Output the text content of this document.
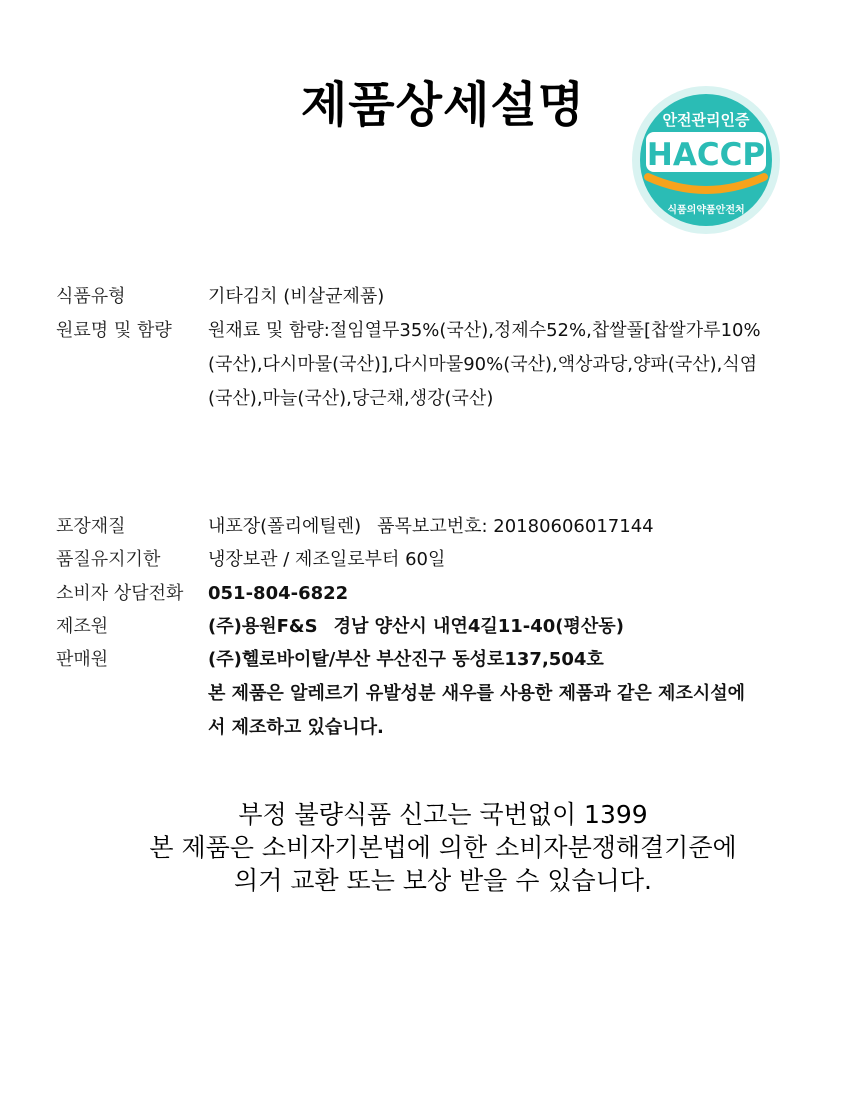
제품상세설명	안전관리인증
HACCP
식품의약품안전처
식품유형	기타김치 (비살균제품)
원료명 및 함량	원재료 및 함량:절임열무35%(국산),정제수52%,찹쌀풀[찹쌀가루10%
(국산),다시마물(국산)],다시마물90%(국산),액상과당,양파(국산),식염
(국산),마늘(국산),당근채,생강(국산)
포장재질	내포장(폴리에틸렌) 품목보고번호: 20180606017144
품질유지기한	냉장보관 / 제조일로부터 60일
소비자 상담전화	051-804-6822
제조원	(주)용원F&S 경남 양산시 내연4길11-40(평산동)
판매원	(주)헬로바이탈/부산 부산진구 동성로137,504호
본 제품은 알레르기 유발성분 새우를 사용한 제품과 같은 제조시설에
서 제조하고 있습니다.
부정 불량식품 신고는 국번없이 1399
본 제품은 소비자기본법에 의한 소비자분쟁해결기준에
의거 교환 또는 보상 받을 수 있습니다.
